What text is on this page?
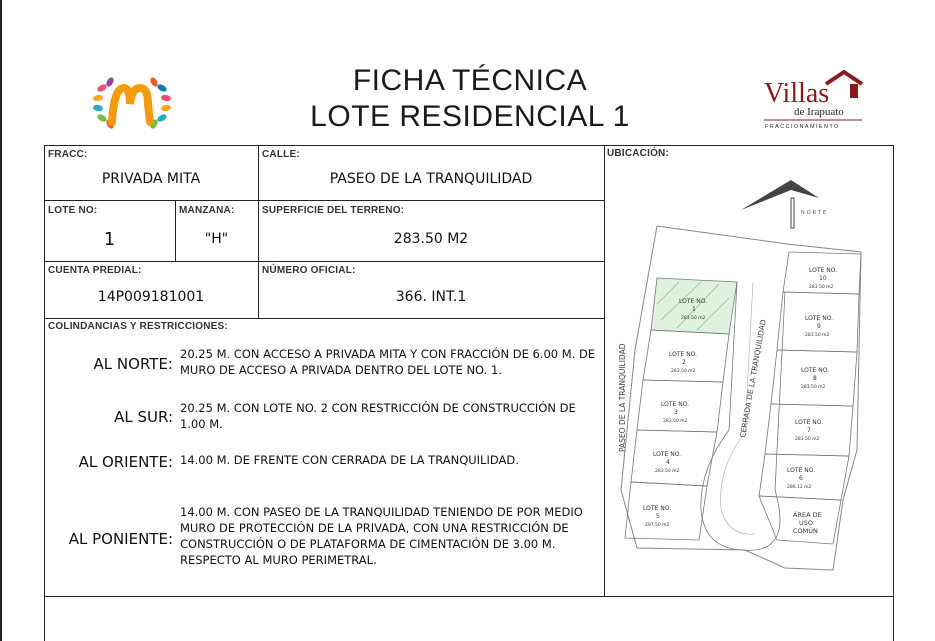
FICHA TÉCNICA
LOTE RESIDENCIAL 1
Villas
de Irapuato
FRACCIONAMIENTO
FRACC:
PRIVADA MITA
CALLE:
PASEO DE LA TRANQUILIDAD
UBICACIÓN:
LOTE NO:
1
MANZANA:
"H"
SUPERFICIE DEL TERRENO:
283.50 M2
CUENTA PREDIAL:
14P009181001
NÚMERO OFICIAL:
366. INT.1
COLINDANCIAS Y RESTRICCIONES:
AL NORTE:
20.25 M. CON ACCESO A PRIVADA MITA Y CON FRACCIÓN DE 6.00 M. DE MURO DE ACCESO A PRIVADA DENTRO DEL LOTE NO. 1.
AL SUR: 20.25 M. CON LOTE NO. 2 CON RESTRICCIÓN DE CONSTRUCCIÓN DE 1.00 M.
AL ORIENTE: 14.00 M. DE FRENTE CON CERRADA DE LA TRANQUILIDAD.
AL PONIENTE:
14.00 M. CON PASEO DE LA TRANQUILIDAD TENIENDO DE POR MEDIO MURO DE PROTECCIÓN DE LA PRIVADA, CON UNA RESTRICCIÓN DE CONSTRUCCIÓN O DE PLATAFORMA DE CIMENTACIÓN DE 3.00 M. RESPECTO AL MURO PERIMETRAL.
NORTE
ÁREA DE USO COMÚN
PASEO DE LA TRANQUILIDAD	CERRADA DE LA TRANQUILIDAD
LOTE NO.
1
283.50 m2
LOTE NO.
2
283.50 m2
LOTE NO.
3
283.50 m2
LOTE NO.
4
283.50 m2
LOTE NO.
5
297.50 m2
LOTE NO.
10
283.50 m2
LOTE NO.
9
283.50 m2
LOTE NO.
8
283.50 m2
LOTE NO.
7
283.50 m2
LOTE NO.
6
286.12 m2
